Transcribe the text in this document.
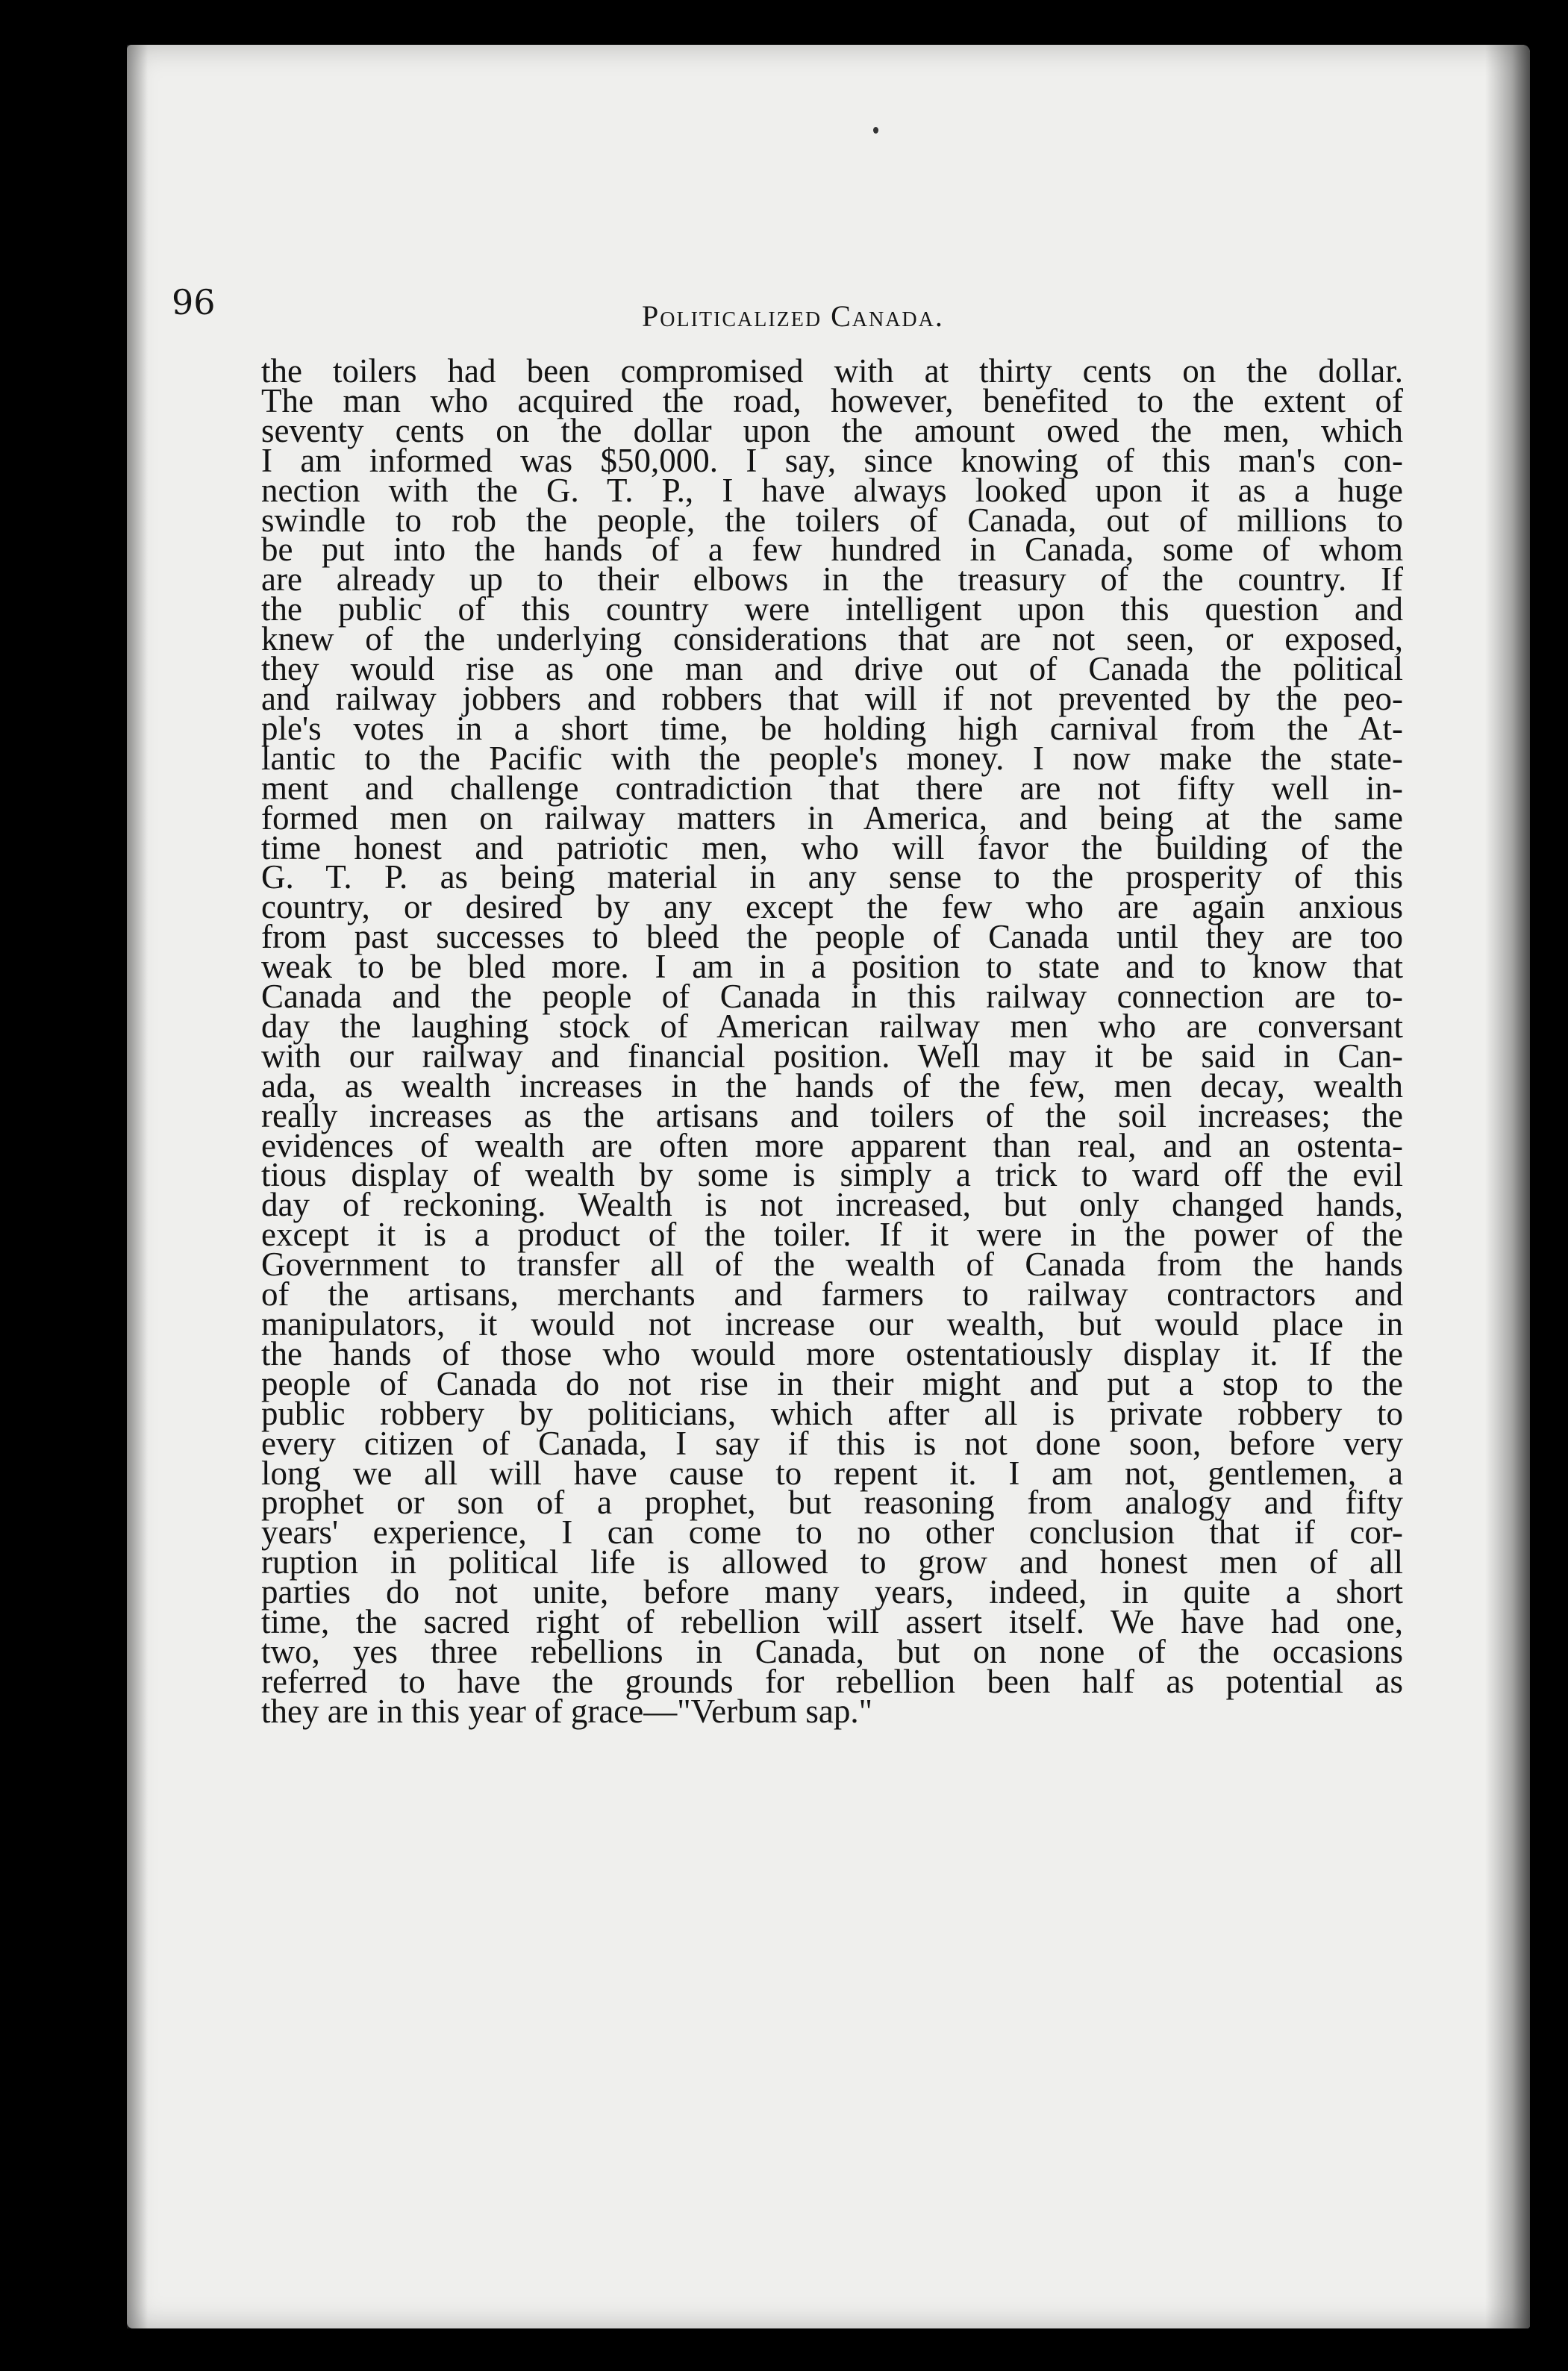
96	Politicalized Canada.
the toilers had been compromised with at thirty cents on the dollar.
The man who acquired the road, however, benefited to the extent of
seventy cents on the dollar upon the amount owed the men, which
I am informed was $50,000. I say, since knowing of this man's con-
nection with the G. T. P., I have always looked upon it as a huge
swindle to rob the people, the toilers of Canada, out of millions to
be put into the hands of a few hundred in Canada, some of whom
are already up to their elbows in the treasury of the country. If
the public of this country were intelligent upon this question and
knew of the underlying considerations that are not seen, or exposed,
they would rise as one man and drive out of Canada the political
and railway jobbers and robbers that will if not prevented by the peo-
ple's votes in a short time, be holding high carnival from the At-
lantic to the Pacific with the people's money. I now make the state-
ment and challenge contradiction that there are not fifty well in-
formed men on railway matters in America, and being at the same
time honest and patriotic men, who will favor the building of the
G. T. P. as being material in any sense to the prosperity of this
country, or desired by any except the few who are again anxious
from past successes to bleed the people of Canada until they are too
weak to be bled more. I am in a position to state and to know that
Canada and the people of Canada in this railway connection are to-
day the laughing stock of American railway men who are conversant
with our railway and financial position. Well may it be said in Can-
ada, as wealth increases in the hands of the few, men decay, wealth
really increases as the artisans and toilers of the soil increases; the
evidences of wealth are often more apparent than real, and an ostenta-
tious display of wealth by some is simply a trick to ward off the evil
day of reckoning. Wealth is not increased, but only changed hands,
except it is a product of the toiler. If it were in the power of the
Government to transfer all of the wealth of Canada from the hands
of the artisans, merchants and farmers to railway contractors and
manipulators, it would not increase our wealth, but would place in
the hands of those who would more ostentatiously display it. If the
people of Canada do not rise in their might and put a stop to the
public robbery by politicians, which after all is private robbery to
every citizen of Canada, I say if this is not done soon, before very
long we all will have cause to repent it. I am not, gentlemen, a
prophet or son of a prophet, but reasoning from analogy and fifty
years' experience, I can come to no other conclusion that if cor-
ruption in political life is allowed to grow and honest men of all
parties do not unite, before many years, indeed, in quite a short
time, the sacred right of rebellion will assert itself. We have had one,
two, yes three rebellions in Canada, but on none of the occasions
referred to have the grounds for rebellion been half as potential as
they are in this year of grace—"Verbum sap."
